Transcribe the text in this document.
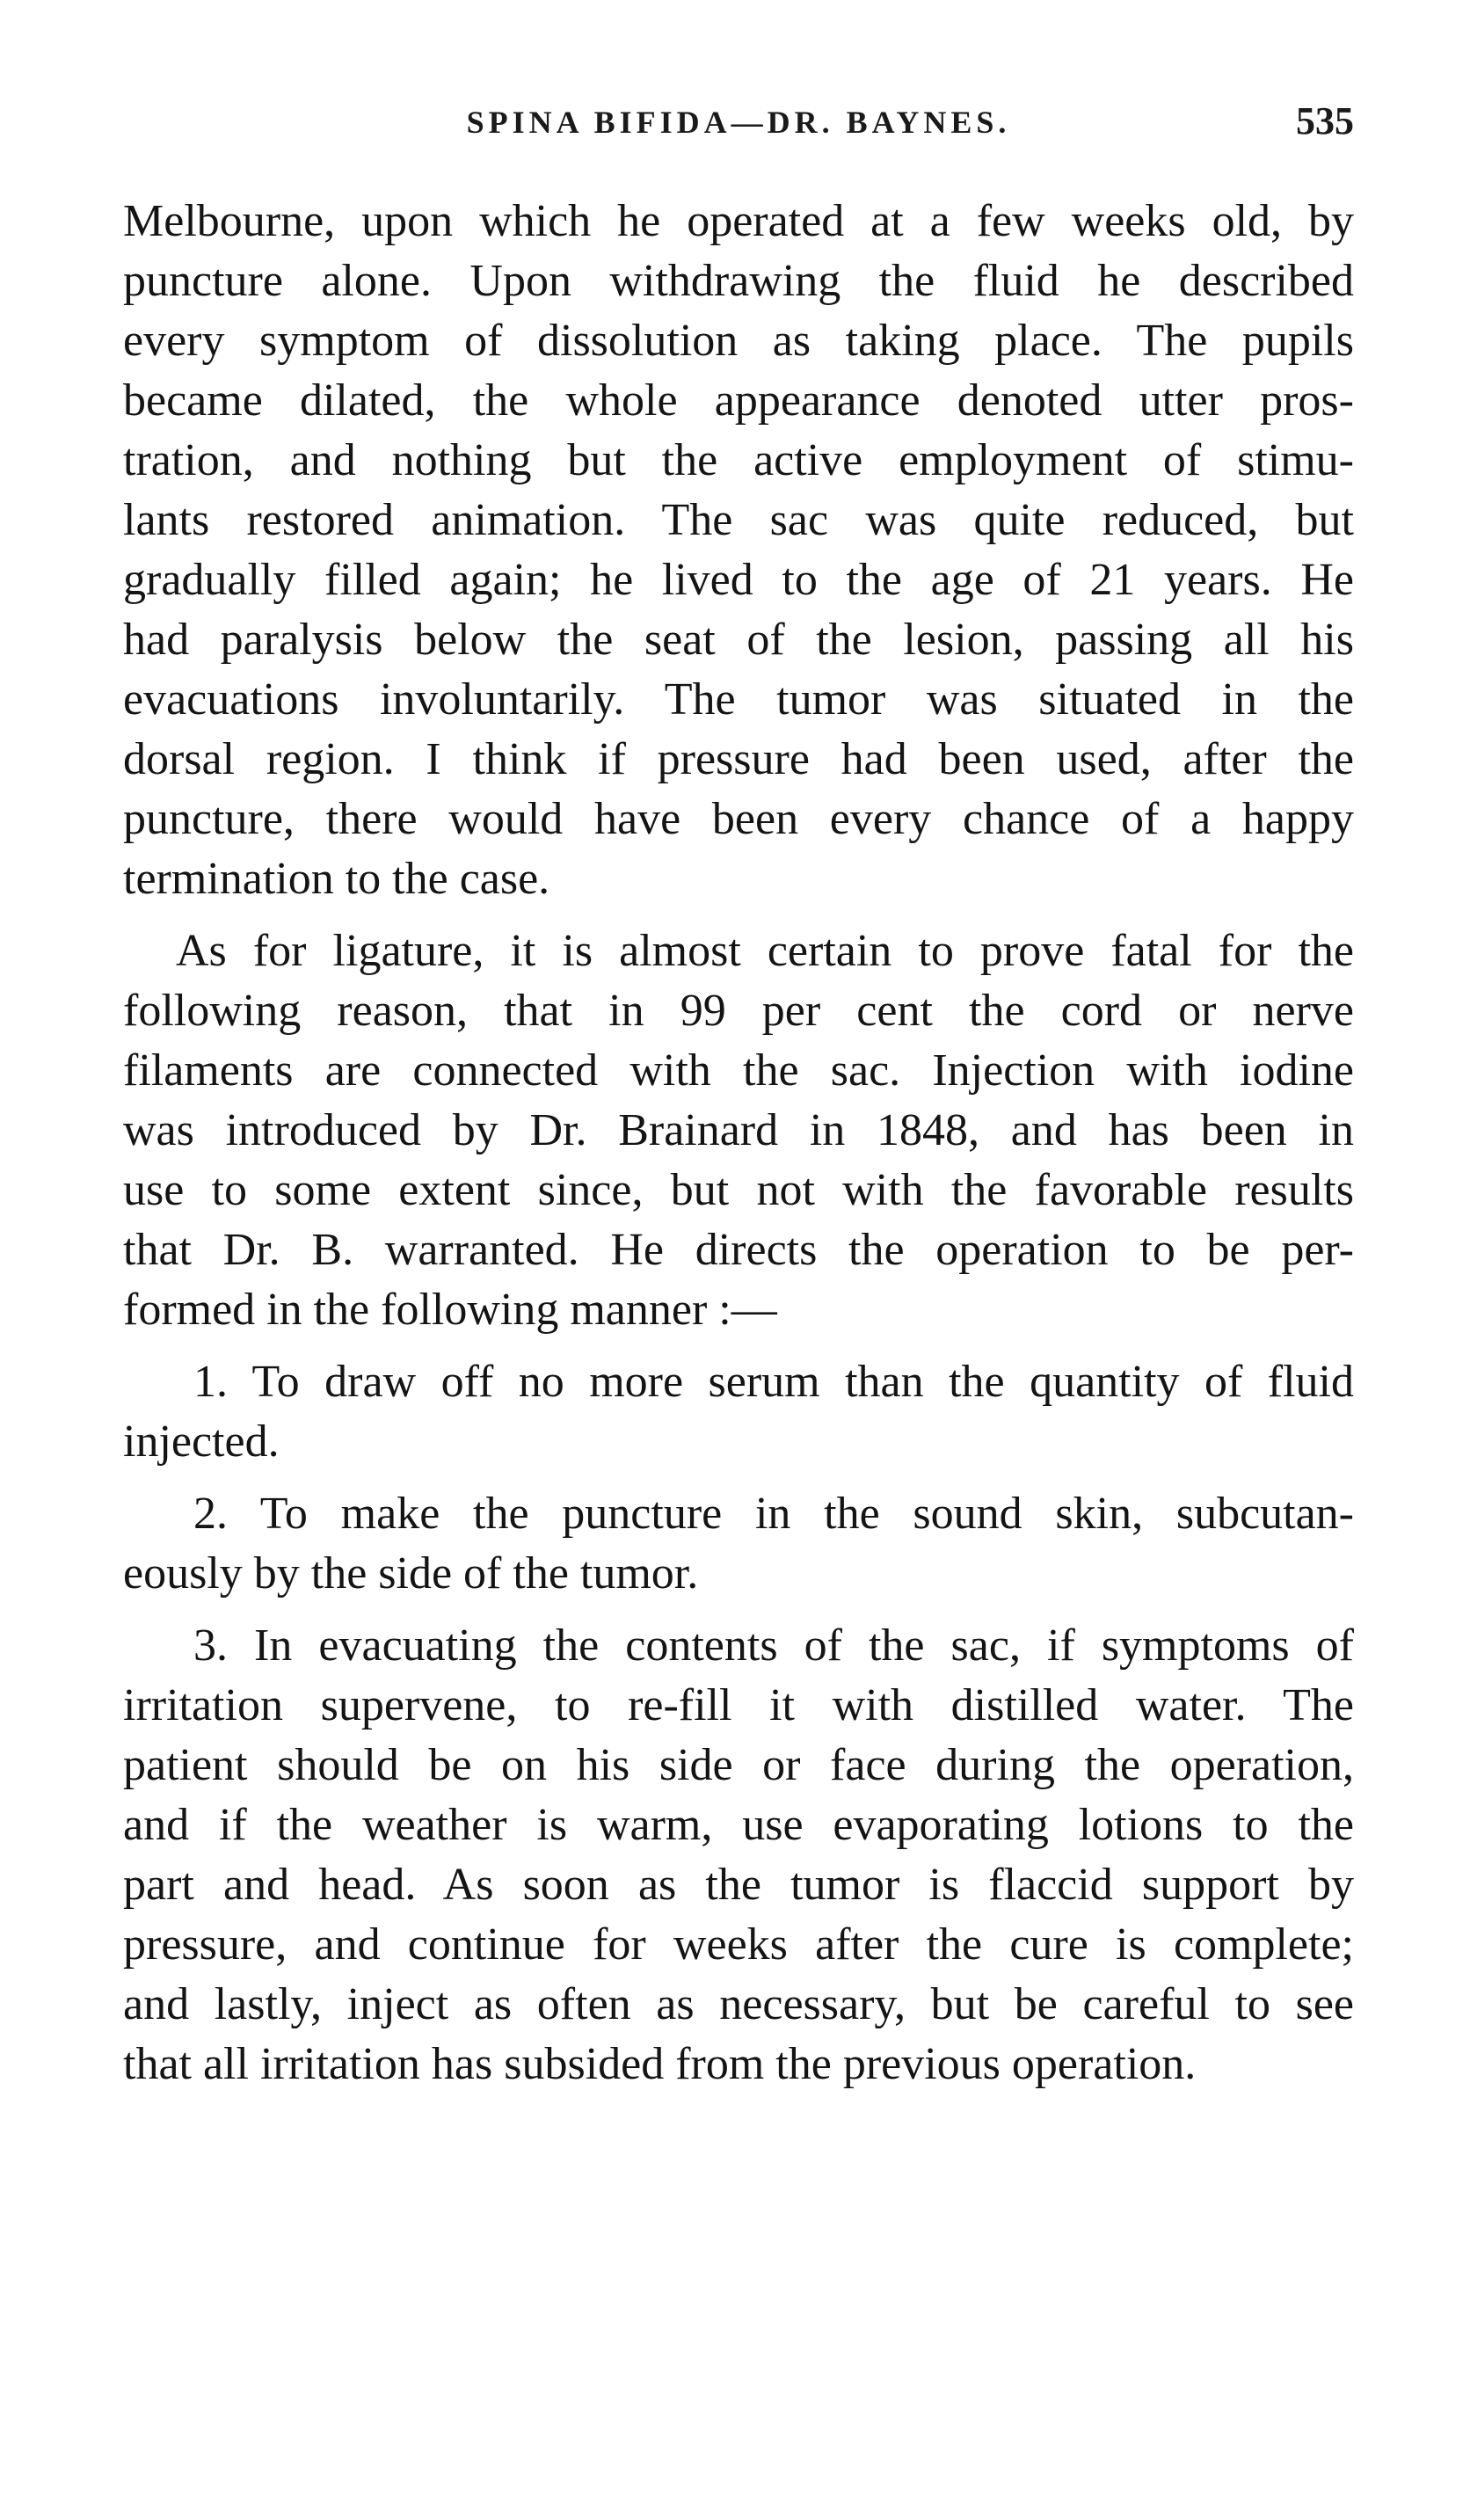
SPINA BIFIDA—DR. BAYNES.	535
Melbourne, upon which he operated at a few weeks old, by
puncture alone. Upon withdrawing the fluid he described
every symptom of dissolution as taking place. The pupils
became dilated, the whole appearance denoted utter pros-
tration, and nothing but the active employment of stimu-
lants restored animation. The sac was quite reduced, but
gradually filled again; he lived to the age of 21 years. He
had paralysis below the seat of the lesion, passing all his
evacuations involuntarily. The tumor was situated in the
dorsal region. I think if pressure had been used, after the
puncture, there would have been every chance of a happy
termination to the case.
As for ligature, it is almost certain to prove fatal for the
following reason, that in 99 per cent the cord or nerve
filaments are connected with the sac. Injection with iodine
was introduced by Dr. Brainard in 1848, and has been in
use to some extent since, but not with the favorable results
that Dr. B. warranted. He directs the operation to be per-
formed in the following manner :—
1. To draw off no more serum than the quantity of fluid
injected.
2. To make the puncture in the sound skin, subcutan-
eously by the side of the tumor.
3. In evacuating the contents of the sac, if symptoms of
irritation supervene, to re-fill it with distilled water. The
patient should be on his side or face during the operation,
and if the weather is warm, use evaporating lotions to the
part and head. As soon as the tumor is flaccid support by
pressure, and continue for weeks after the cure is complete;
and lastly, inject as often as necessary, but be careful to see
that all irritation has subsided from the previous operation.
